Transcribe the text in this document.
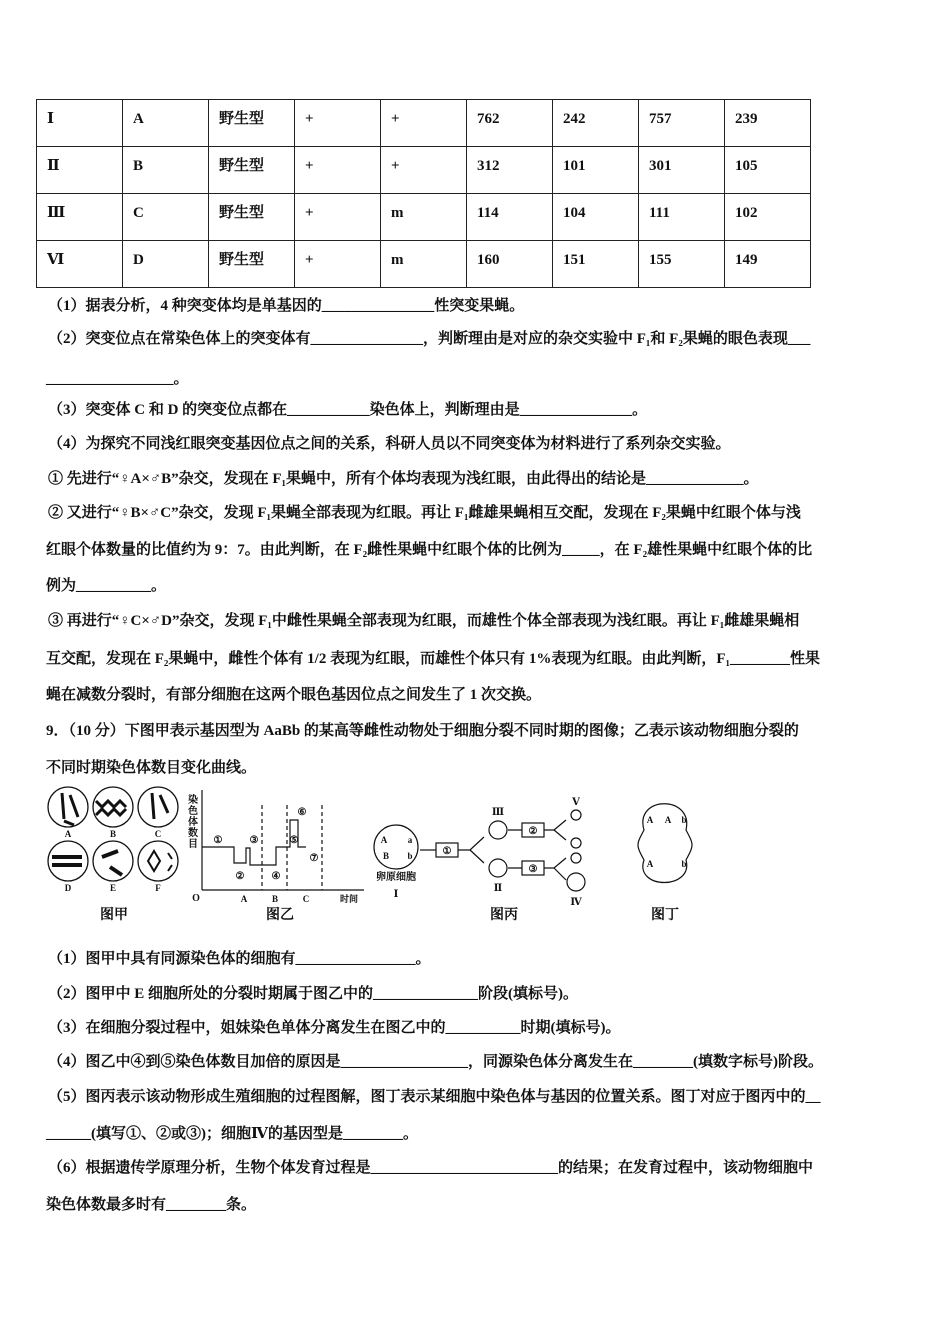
Ⅰ	A	野生型	+	+	762	242	757	239
Ⅱ	B	野生型	+	+	312	101	301	105
Ⅲ	C	野生型	+	m	114	104	111	102
Ⅵ	D	野生型	+	m	160	151	155	149
（1）据表分析，4 种突变体均是单基因的_______________性突变果蝇。
（2）突变位点在常染色体上的突变体有_______________，判断理由是对应的杂交实验中 F₁和 F₂果蝇的眼色表现___
_________________。
（3）突变体 C 和 D 的突变位点都在___________染色体上，判断理由是_______________。
（4）为探究不同浅红眼突变基因位点之间的关系，科研人员以不同突变体为材料进行了系列杂交实验。
① 先进行“♀A×♂B”杂交，发现在 F₁果蝇中，所有个体均表现为浅红眼，由此得出的结论是_____________。
② 又进行“♀B×♂C”杂交，发现 F₁果蝇全部表现为红眼。再让 F₁雌雄果蝇相互交配，发现在 F₂果蝇中红眼个体与浅
红眼个体数量的比值约为 9：7。由此判断，在 F₂雌性果蝇中红眼个体的比例为_____，在 F₂雄性果蝇中红眼个体的比
例为__________。
③ 再进行“♀C×♂D”杂交，发现 F₁中雌性果蝇全部表现为红眼，而雄性个体全部表现为浅红眼。再让 F₁雌雄果蝇相
互交配，发现在 F₂果蝇中，雌性个体有 1/2 表现为红眼，而雄性个体只有 1%表现为红眼。由此判断，F₁________性果
蝇在减数分裂时，有部分细胞在这两个眼色基因位点之间发生了 1 次交换。
9．（10 分）下图甲表示基因型为 AaBb 的某高等雌性动物处于细胞分裂不同时期的图像；乙表示该动物细胞分裂的
不同时期染色体数目变化曲线。
A	B	C
D	E	F
图甲
染
色
体
数
目
O	A	B	C	时间
①
②
③
④
⑤
⑥
⑦
图乙
卵原细胞
A a
B b
Ⅰ
Ⅱ
Ⅲ
Ⅳ
Ⅴ
①
②
③
图丙
A A b
A	b
图丁
（1）图甲中具有同源染色体的细胞有________________。
（2）图甲中 E 细胞所处的分裂时期属于图乙中的______________阶段(填标号)。
（3）在细胞分裂过程中，姐妹染色单体分离发生在图乙中的__________时期(填标号)。
（4）图乙中④到⑤染色体数目加倍的原因是_________________，同源染色体分离发生在________(填数字标号)阶段。
（5）图丙表示该动物形成生殖细胞的过程图解，图丁表示某细胞中染色体与基因的位置关系。图丁对应于图丙中的__
______(填写①、②或③)；细胞Ⅳ的基因型是________。
（6）根据遗传学原理分析，生物个体发育过程是_________________________的结果；在发育过程中，该动物细胞中
染色体数最多时有________条。
